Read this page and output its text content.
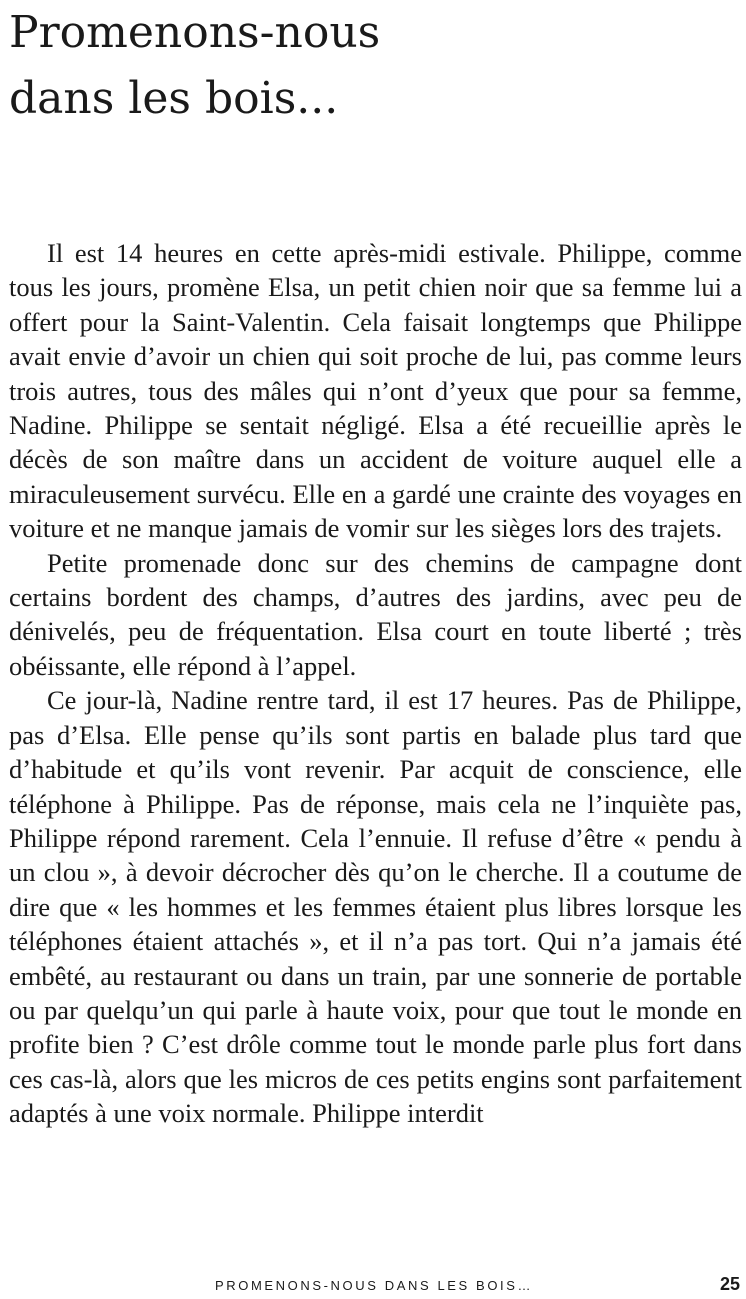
Promenons-nous
dans les bois...

Il est 14 heures en cette après-midi estivale. Philippe, comme tous les jours, promène Elsa, un petit chien noir que sa femme lui a offert pour la Saint-Valentin. Cela faisait longtemps que Philippe avait envie d’avoir un chien qui soit proche de lui, pas comme leurs trois autres, tous des mâles qui n’ont d’yeux que pour sa femme, Nadine. Philippe se sentait négligé. Elsa a été recueillie après le décès de son maître dans un accident de voiture auquel elle a miraculeusement survécu. Elle en a gardé une crainte des voyages en voiture et ne manque jamais de vomir sur les sièges lors des trajets.

Petite promenade donc sur des chemins de campagne dont certains bordent des champs, d’autres des jardins, avec peu de dénivelés, peu de fréquentation. Elsa court en toute liberté ; très obéissante, elle répond à l’appel.

Ce jour-là, Nadine rentre tard, il est 17 heures. Pas de Philippe, pas d’Elsa. Elle pense qu’ils sont partis en balade plus tard que d’habitude et qu’ils vont revenir. Par acquit de conscience, elle téléphone à Philippe. Pas de réponse, mais cela ne l’inquiète pas, Philippe répond rarement. Cela l’ennuie. Il refuse d’être « pendu à un clou », à devoir décrocher dès qu’on le cherche. Il a coutume de dire que « les hommes et les femmes étaient plus libres lorsque les téléphones étaient attachés », et il n’a pas tort. Qui n’a jamais été embêté, au restaurant ou dans un train, par une sonnerie de portable ou par quelqu’un qui parle à haute voix, pour que tout le monde en profite bien ? C’est drôle comme tout le monde parle plus fort dans ces cas-là, alors que les micros de ces petits engins sont parfaitement adaptés à une voix normale. Philippe interdit

PROMENONS-NOUS DANS LES BOIS…	25
